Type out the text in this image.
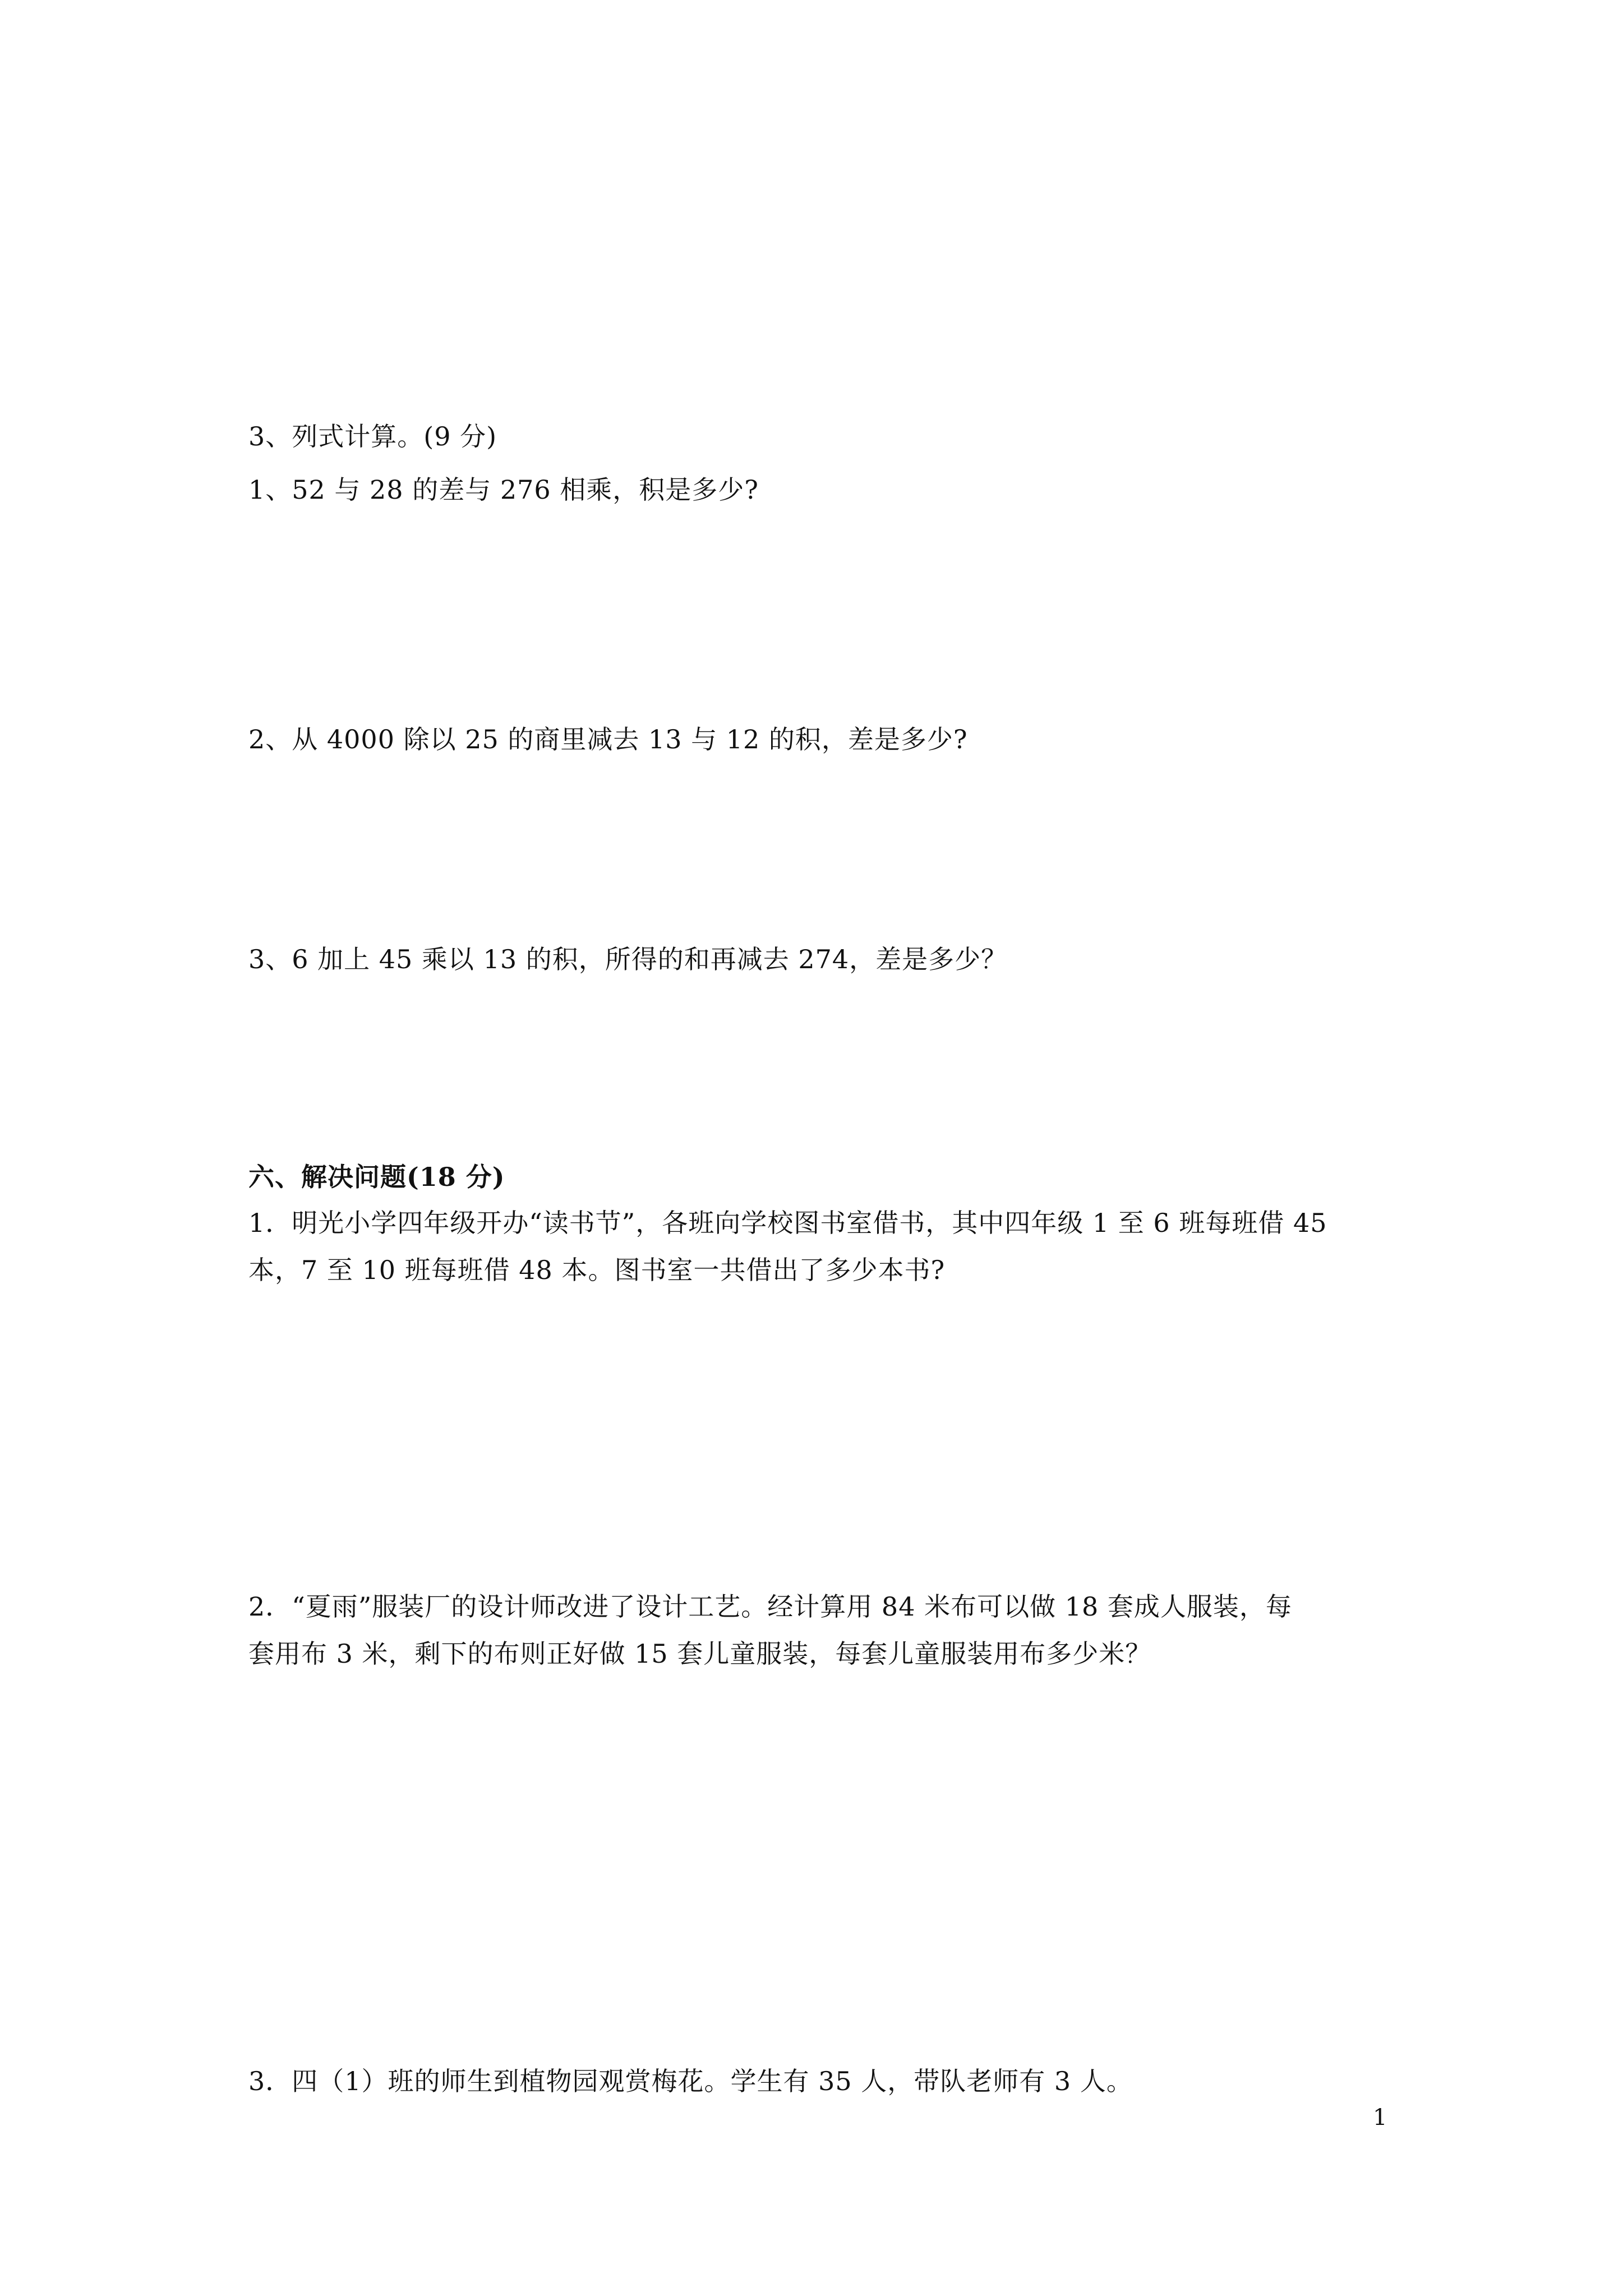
3、列式计算。(9 分)
1、52 与 28 的差与 276 相乘，积是多少?
2、从 4000 除以 25 的商里减去 13 与 12 的积，差是多少?
3、6 加上 45 乘以 13 的积，所得的和再减去 274，差是多少？
六、解决问题(18 分)
1．明光小学四年级开办“读书节”，各班向学校图书室借书，其中四年级 1 至 6 班每班借 45
本，7 至 10 班每班借 48 本。图书室一共借出了多少本书?
2．“夏雨”服装厂的设计师改进了设计工艺。经计算用 84 米布可以做 18 套成人服装，每
套用布 3 米，剩下的布则正好做 15 套儿童服装，每套儿童服装用布多少米？
3．四（1）班的师生到植物园观赏梅花。学生有 35 人，带队老师有 3 人。
1
